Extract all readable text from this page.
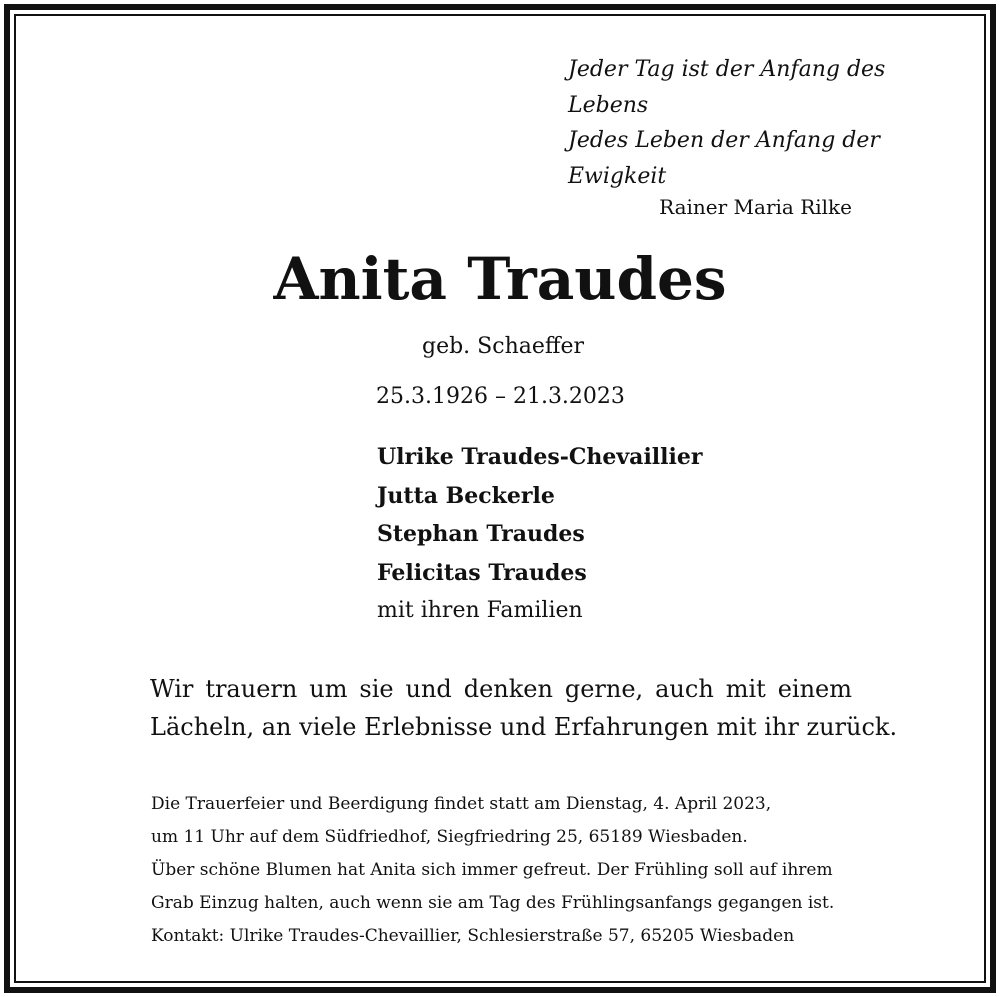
Jeder Tag ist der Anfang des
Lebens
Jedes Leben der Anfang der
Ewigkeit
Rainer Maria Rilke
Anita Traudes
geb. Schaeffer
25.3.1926 – 21.3.2023
Ulrike Traudes-Chevaillier
Jutta Beckerle
Stephan Traudes
Felicitas Traudes
mit ihren Familien
Wir trauern um sie und denken gerne, auch mit einem
Lächeln, an viele Erlebnisse und Erfahrungen mit ihr zurück.
Die Trauerfeier und Beerdigung findet statt am Dienstag, 4. April 2023,
um 11 Uhr auf dem Südfriedhof, Siegfriedring 25, 65189 Wiesbaden.
Über schöne Blumen hat Anita sich immer gefreut. Der Frühling soll auf ihrem
Grab Einzug halten, auch wenn sie am Tag des Frühlingsanfangs gegangen ist.
Kontakt: Ulrike Traudes-Chevaillier, Schlesierstraße 57, 65205 Wiesbaden
